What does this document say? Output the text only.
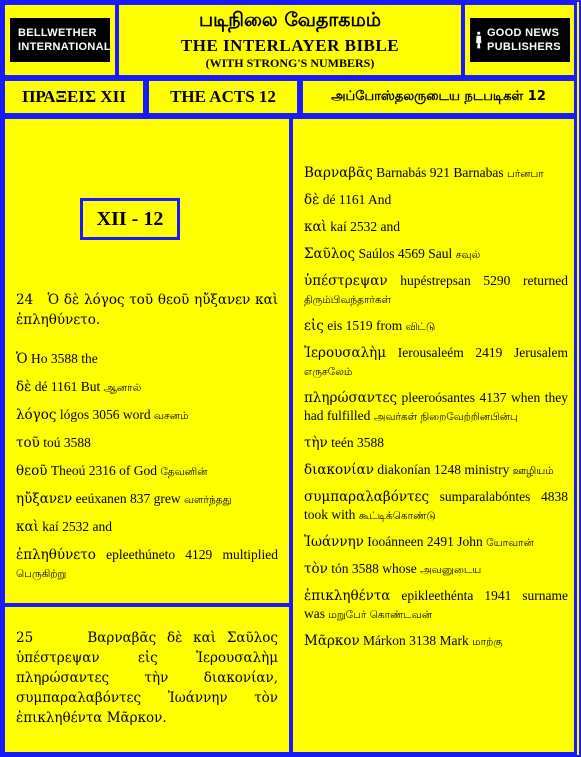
BELLWETHER INTERNATIONAL
படிநிலை வேதாகமம்
THE INTERLAYER BIBLE
(WITH STRONG'S NUMBERS)
GOOD NEWS PUBLISHERS
ΠΡΑΞΕΙΣ ΧΙΙ	THE ACTS 12	அப்போஸ்தலருடைய நடபடிகள் 12
XII - 12
24 Ὁ δὲ λόγος τοῦ θεοῦ ηὔξανεν καὶ ἐπληθύνετο.
Ὁ Ho 3588 the
δὲ dé 1161 But ஆனால்
λόγος lógos 3056 word வசனம்
τοῦ toú 3588
θεοῦ Theoú 2316 of God தேவனின்
ηὔξανεν eeúxanen 837 grew வளர்ந்தது
καὶ kaí 2532 and
ἐπληθύνετο epleethúneto 4129 multiplied பெருகிற்று
25	Βαρναβᾶς δὲ καὶ Σαῦλος ὑπέστρεψαν εἰς Ἰερουσαλὴμ πληρώσαντες τὴν διακονίαν, συμπαραλαβόντες Ἰωάννην τὸν ἐπικληθέντα Μᾶρκον.
Βαρναβᾶς Barnabás 921 Barnabas பர்னபா
δὲ dé 1161 And
καὶ kaí 2532 and
Σαῦλος Saúlos 4569 Saul சவுல்
ὑπέστρεψαν hupéstrepsan 5290 returned திரும்பிவந்தார்கள்
εἰς eis 1519 from விட்டு
Ἰερουσαλὴμ Ierousaleém 2419 Jerusalem எருசலேம்
πληρώσαντες pleeroósantes 4137 when they had fulfilled அவர்கள் நிறைவேற்றினபின்பு
τὴν teén 3588
διακονίαν diakonían 1248 ministry ஊழியம்
συμπαραλαβόντες sumparalabóntes 4838 took with கூட்டிக்கொண்டு
Ἰωάννην Iooánneen 2491 John யோவான்
τὸν tón 3588 whose அவனுடைய
ἐπικληθέντα epikleethénta 1941 surname was மறுபேர் கொண்டவன்
Μᾶρκον Márkon 3138 Mark மாற்கு
